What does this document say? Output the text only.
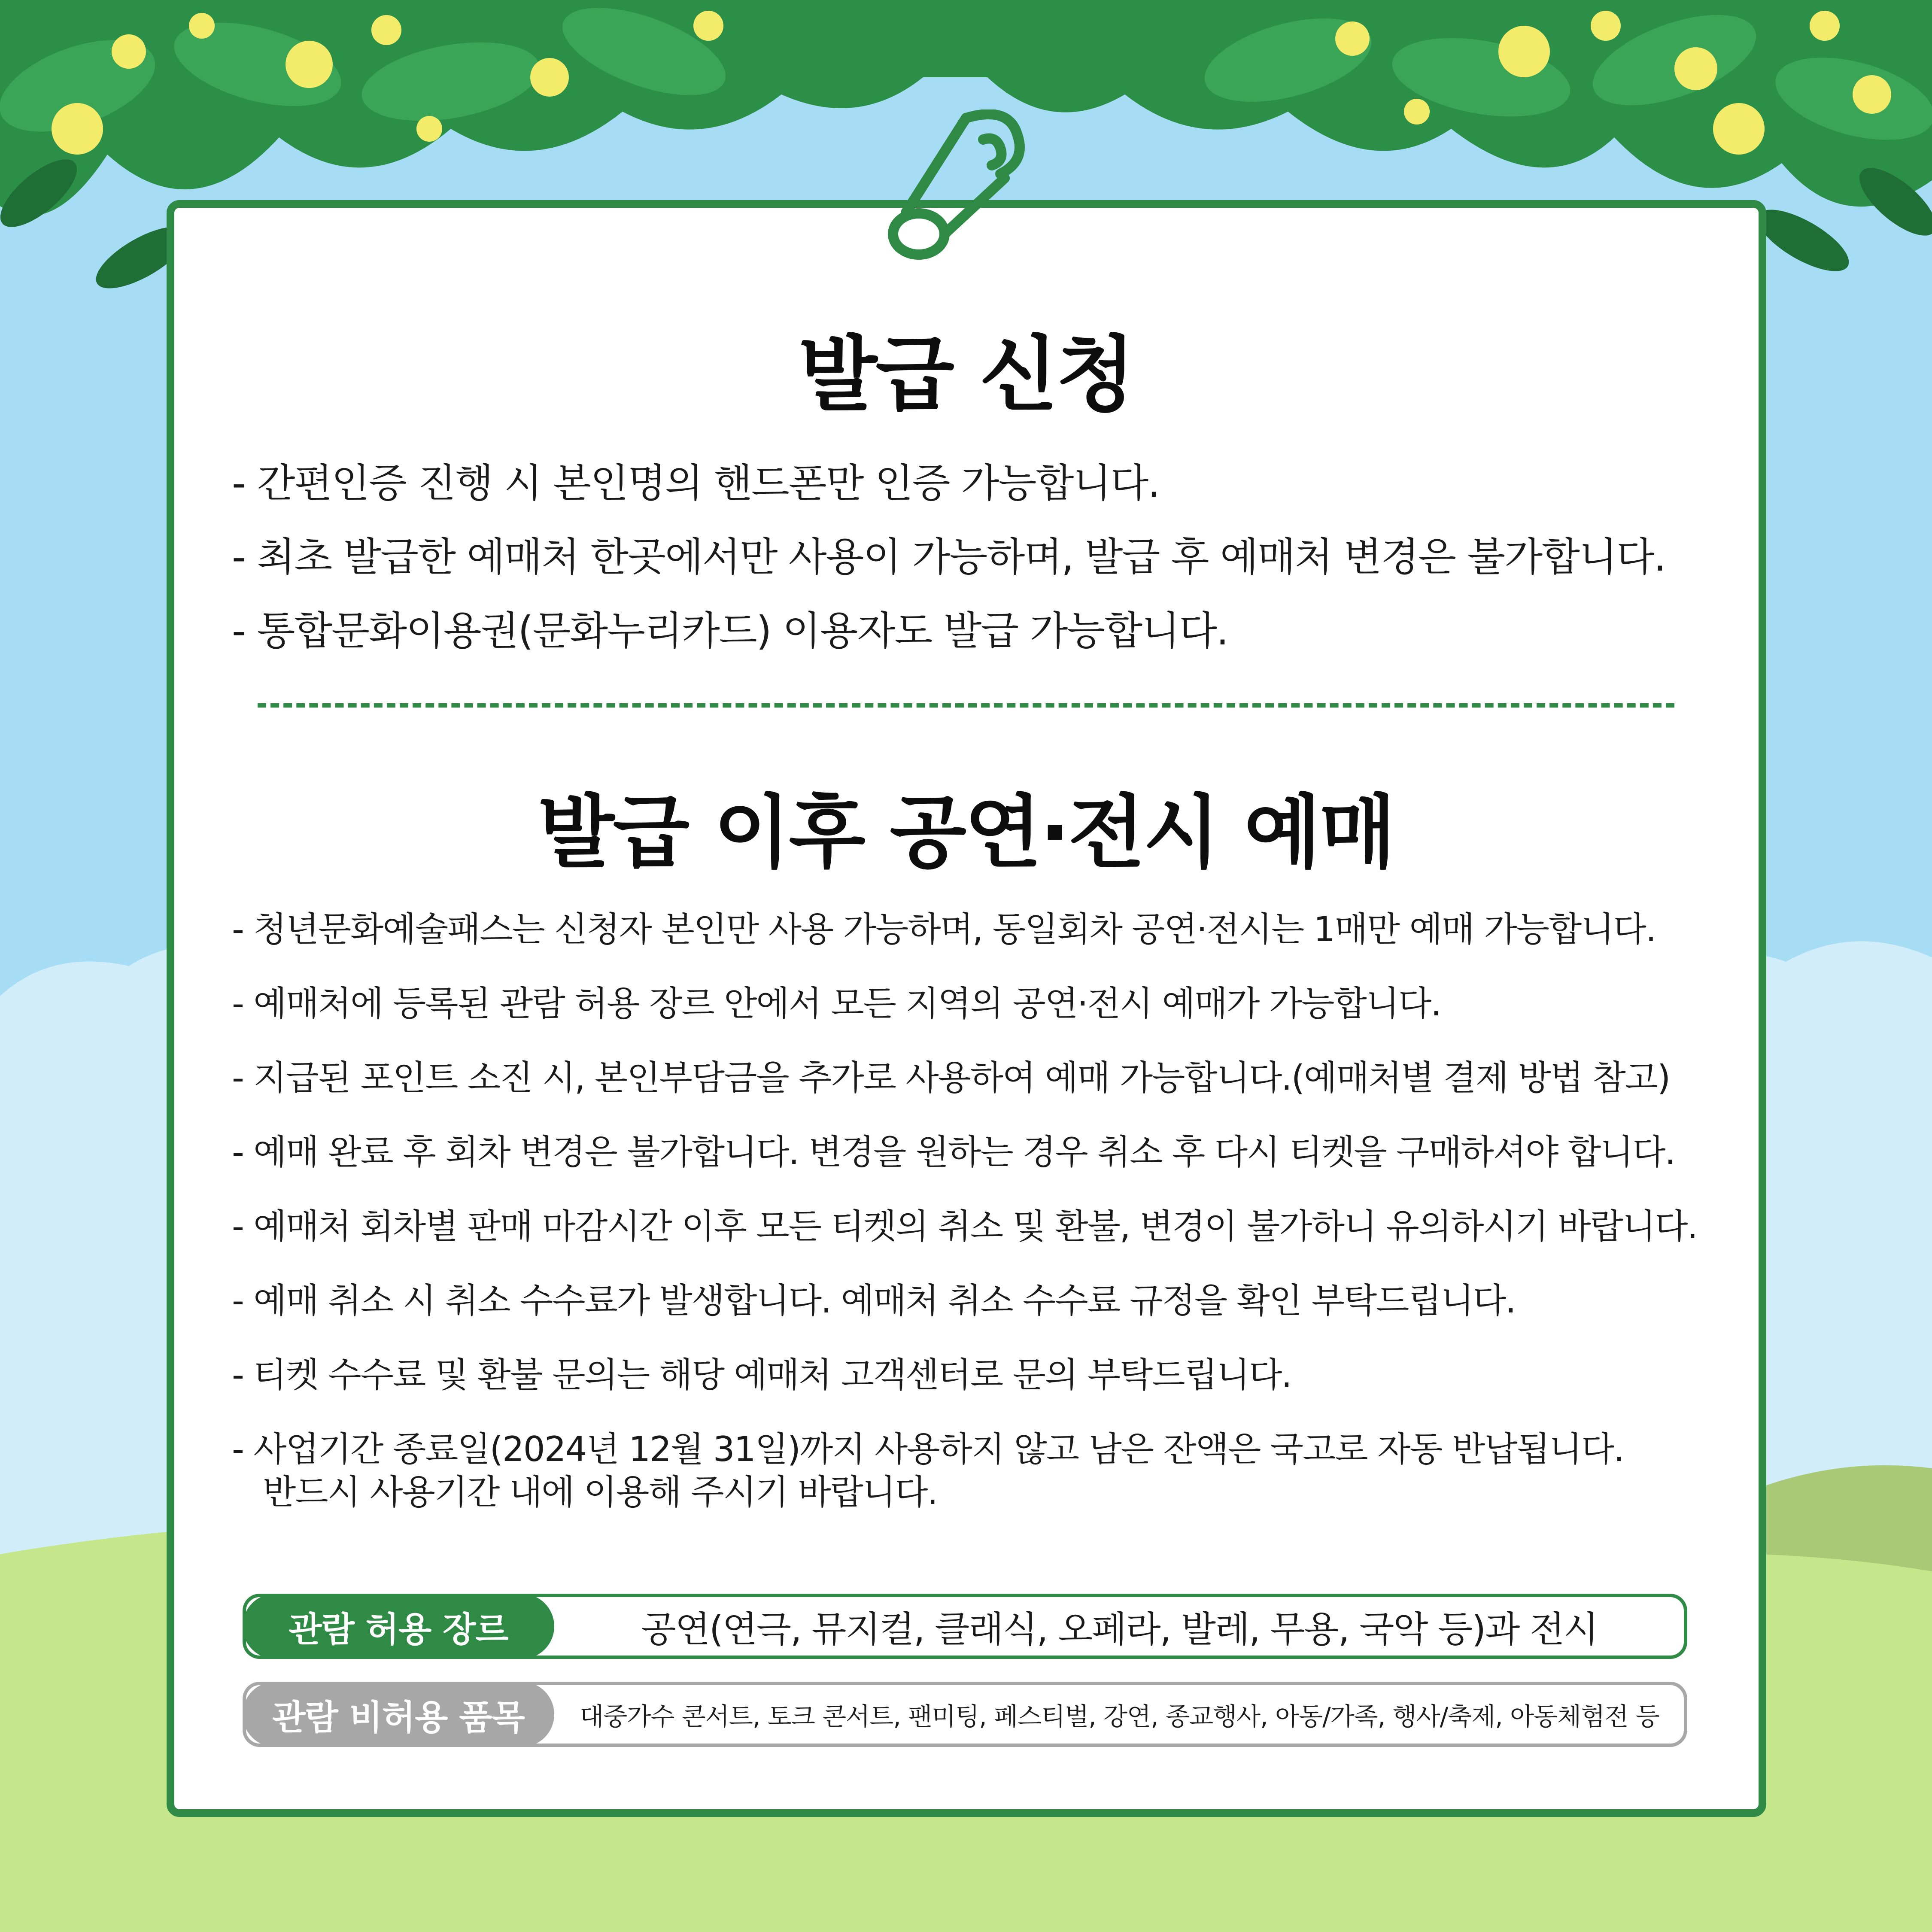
발급 신청
- 간편인증 진행 시 본인명의 핸드폰만 인증 가능합니다.
- 최초 발급한 예매처 한곳에서만 사용이 가능하며, 발급 후 예매처 변경은 불가합니다.
- 통합문화이용권(문화누리카드) 이용자도 발급 가능합니다.
발급 이후 공연·전시 예매
- 청년문화예술패스는 신청자 본인만 사용 가능하며, 동일회차 공연·전시는 1매만 예매 가능합니다.
- 예매처에 등록된 관람 허용 장르 안에서 모든 지역의 공연·전시 예매가 가능합니다.
- 지급된 포인트 소진 시, 본인부담금을 추가로 사용하여 예매 가능합니다.(예매처별 결제 방법 참고)
- 예매 완료 후 회차 변경은 불가합니다. 변경을 원하는 경우 취소 후 다시 티켓을 구매하셔야 합니다.
- 예매처 회차별 판매 마감시간 이후 모든 티켓의 취소 및 환불, 변경이 불가하니 유의하시기 바랍니다.
- 예매 취소 시 취소 수수료가 발생합니다. 예매처 취소 수수료 규정을 확인 부탁드립니다.
- 티켓 수수료 및 환불 문의는 해당 예매처 고객센터로 문의 부탁드립니다.
- 사업기간 종료일(2024년 12월 31일)까지 사용하지 않고 남은 잔액은 국고로 자동 반납됩니다.
반드시 사용기간 내에 이용해 주시기 바랍니다.
관람 허용 장르	공연(연극, 뮤지컬, 클래식, 오페라, 발레, 무용, 국악 등)과 전시
관람 비허용 품목	대중가수 콘서트, 토크 콘서트, 팬미팅, 페스티벌, 강연, 종교행사, 아동/가족, 행사/축제, 아동체험전 등
